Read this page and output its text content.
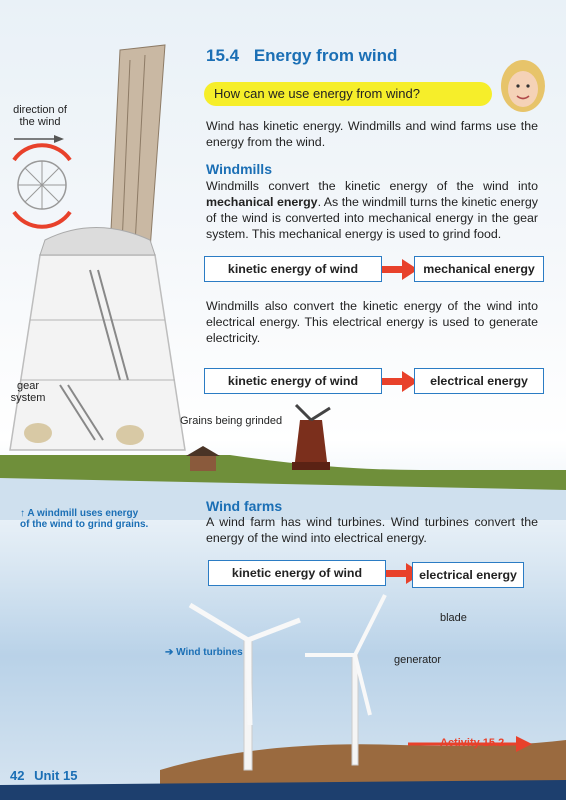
15.4 Energy from wind
How can we use energy from wind?
Wind has kinetic energy. Windmills and wind farms use the energy from the wind.
Windmills
Windmills convert the kinetic energy of the wind into mechanical energy. As the windmill turns the kinetic energy of the wind is converted into mechanical energy in the gear system. This mechanical energy is used to grind food.
kinetic energy of wind	mechanical energy
Windmills also convert the kinetic energy of the wind into electrical energy. This electrical energy is used to generate electricity.
kinetic energy of wind	electrical energy
Wind farms
A wind farm has wind turbines. Wind turbines convert the energy of the wind into electrical energy.
kinetic energy of wind	electrical energy
direction of the wind
gear system
Grains being grinded
↑ A windmill uses energy of the wind to grind grains.
➔ Wind turbines
blade
generator
Activity 15.2
42 Unit 15
